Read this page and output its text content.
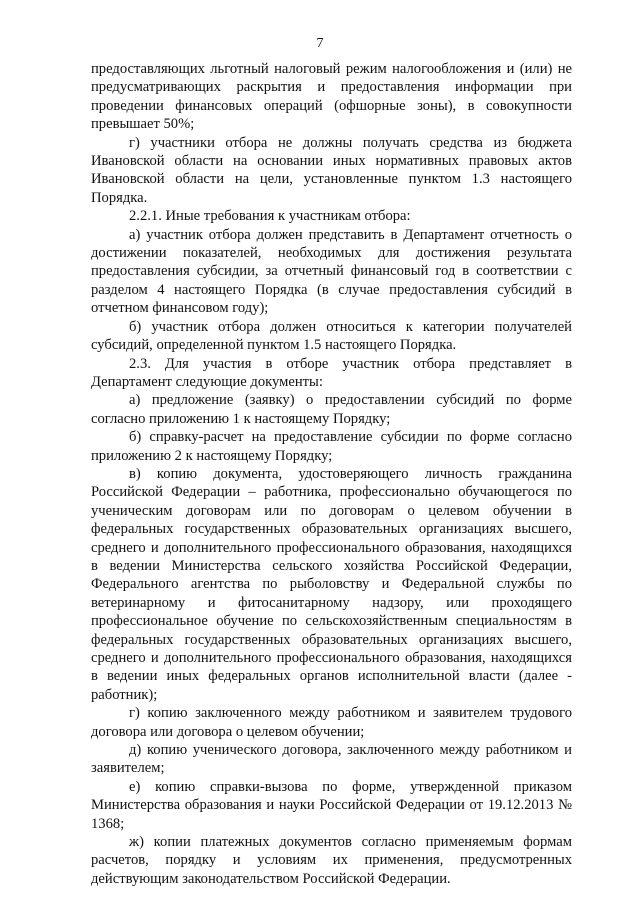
7

предоставляющих льготный налоговый режим налогообложения и (или) не предусматривающих раскрытия и предоставления информации при проведении финансовых операций (офшорные зоны), в совокупности превышает 50%;

г) участники отбора не должны получать средства из бюджета Ивановской области на основании иных нормативных правовых актов Ивановской области на цели, установленные пунктом 1.3 настоящего Порядка.

2.2.1. Иные требования к участникам отбора:

а) участник отбора должен представить в Департамент отчетность о достижении показателей, необходимых для достижения результата предоставления субсидии, за отчетный финансовый год в соответствии с разделом 4 настоящего Порядка (в случае предоставления субсидий в отчетном финансовом году);

б) участник отбора должен относиться к категории получателей субсидий, определенной пунктом 1.5 настоящего Порядка.

2.3. Для участия в отборе участник отбора представляет в Департамент следующие документы:

а) предложение (заявку) о предоставлении субсидий по форме согласно приложению 1 к настоящему Порядку;

б) справку-расчет на предоставление субсидии по форме согласно приложению 2 к настоящему Порядку;

в) копию документа, удостоверяющего личность гражданина Российской Федерации – работника, профессионально обучающегося по ученическим договорам или по договорам о целевом обучении в федеральных государственных образовательных организациях высшего, среднего и дополнительного профессионального образования, находящихся в ведении Министерства сельского хозяйства Российской Федерации, Федерального агентства по рыболовству и Федеральной службы по ветеринарному и фитосанитарному надзору, или проходящего профессиональное обучение по сельскохозяйственным специальностям в федеральных государственных образовательных организациях высшего, среднего и дополнительного профессионального образования, находящихся в ведении иных федеральных органов исполнительной власти (далее - работник);

г) копию заключенного между работником и заявителем трудового договора или договора о целевом обучении;

д) копию ученического договора, заключенного между работником и заявителем;

е) копию справки-вызова по форме, утвержденной приказом Министерства образования и науки Российской Федерации от 19.12.2013 № 1368;

ж) копии платежных документов согласно применяемым формам расчетов, порядку и условиям их применения, предусмотренных действующим законодательством Российской Федерации.
